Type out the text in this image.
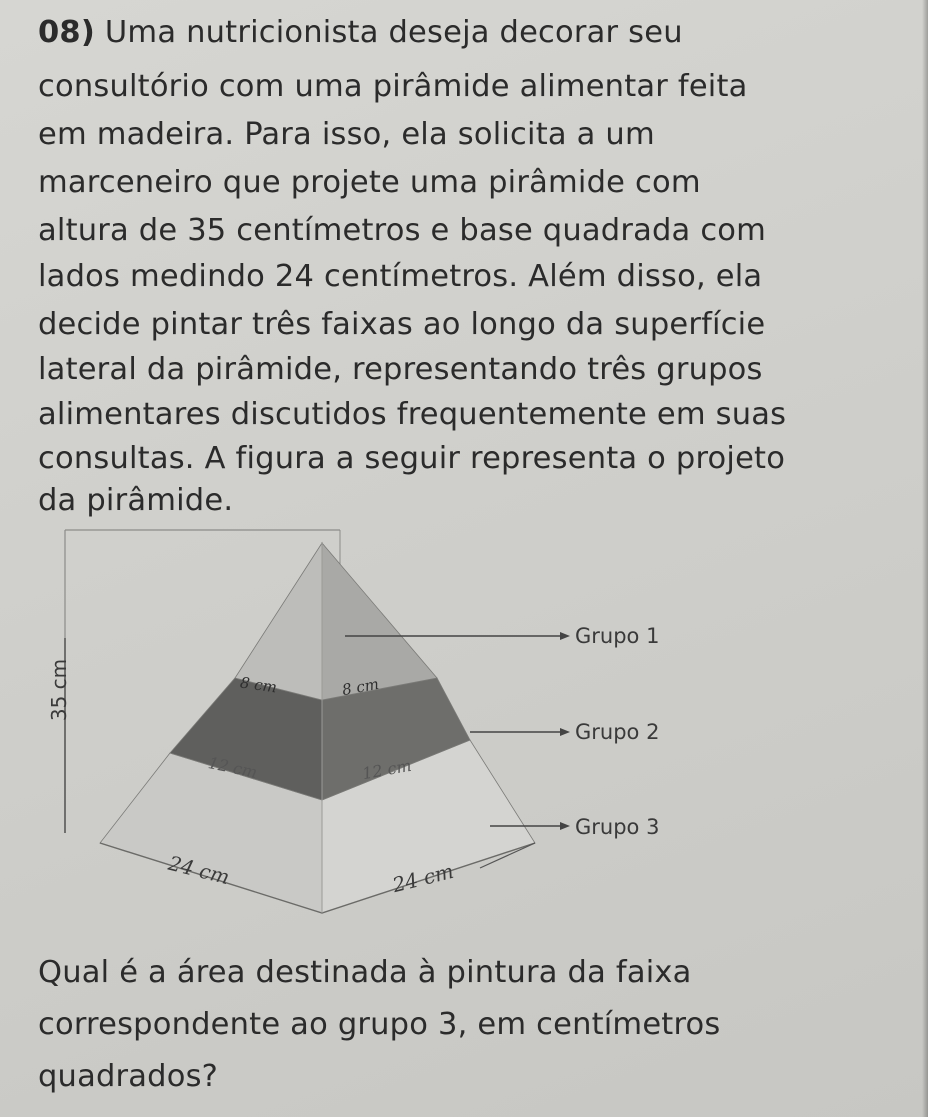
08) Uma nutricionista deseja decorar seu
consultório com uma pirâmide alimentar feita
em madeira. Para isso, ela solicita a um
marceneiro que projete uma pirâmide com
altura de 35 centímetros e base quadrada com
lados medindo 24 centímetros. Além disso, ela
decide pintar três faixas ao longo da superfície
lateral da pirâmide, representando três grupos
alimentares discutidos frequentemente em suas
consultas. A figura a seguir representa o projeto
35 cm
Grupo 1
Grupo 2
Grupo 3
8 cm	8 cm
12 cm	12 cm
24 cm	24 cm
Qual é a área destinada à pintura da faixa
correspondente ao grupo 3, em centímetros
quadrados?
da pirâmide.
